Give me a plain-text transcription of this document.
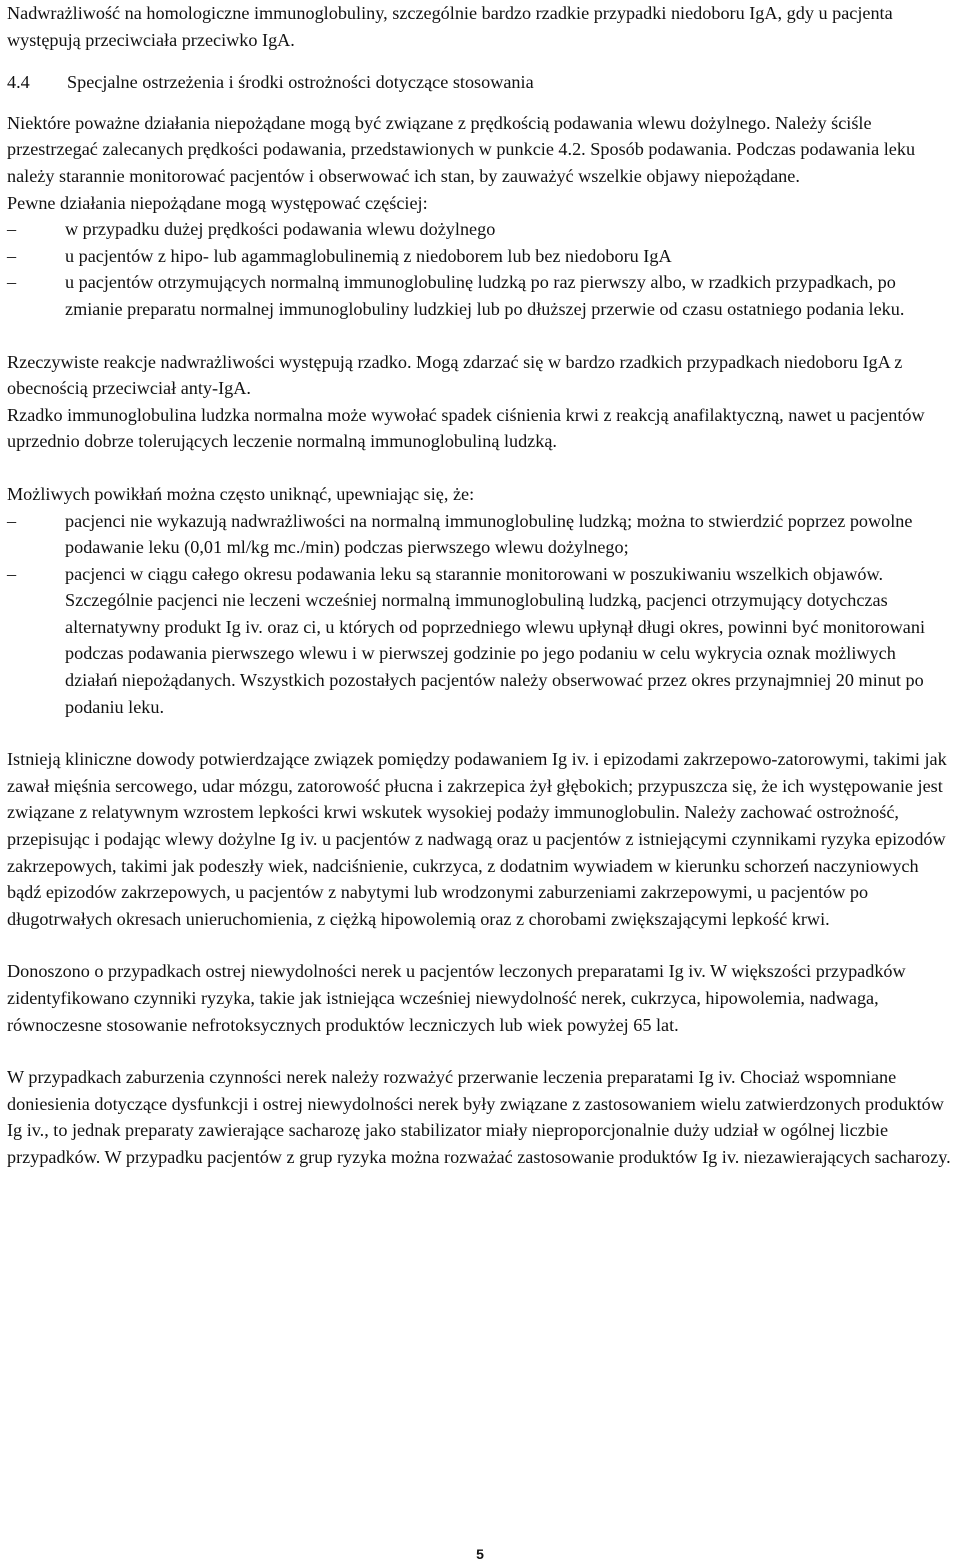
Nadwrażliwość na homologiczne immunoglobuliny, szczególnie bardzo rzadkie przypadki niedoboru IgA, gdy u pacjenta występują przeciwciała przeciwko IgA.

4.4 Specjalne ostrzeżenia i środki ostrożności dotyczące stosowania

Niektóre poważne działania niepożądane mogą być związane z prędkością podawania wlewu dożylnego. Należy ściśle przestrzegać zalecanych prędkości podawania, przedstawionych w punkcie 4.2. Sposób podawania. Podczas podawania leku należy starannie monitorować pacjentów i obserwować ich stan, by zauważyć wszelkie objawy niepożądane.

Pewne działania niepożądane mogą występować częściej:

–	w przypadku dużej prędkości podawania wlewu dożylnego
–	u pacjentów z hipo- lub agammaglobulinemią z niedoborem lub bez niedoboru IgA
–	u pacjentów otrzymujących normalną immunoglobulinę ludzką po raz pierwszy albo, w rzadkich przypadkach, po zmianie preparatu normalnej immunoglobuliny ludzkiej lub po dłuższej przerwie od czasu ostatniego podania leku.

Rzeczywiste reakcje nadwrażliwości występują rzadko. Mogą zdarzać się w bardzo rzadkich przypadkach niedoboru IgA z obecnością przeciwciał anty-IgA.

Rzadko immunoglobulina ludzka normalna może wywołać spadek ciśnienia krwi z reakcją anafilaktyczną, nawet u pacjentów uprzednio dobrze tolerujących leczenie normalną immunoglobuliną ludzką.

Możliwych powikłań można często uniknąć, upewniając się, że:

–	pacjenci nie wykazują nadwrażliwości na normalną immunoglobulinę ludzką; można to stwierdzić poprzez powolne podawanie leku (0,01 ml/kg mc./min) podczas pierwszego wlewu dożylnego;
–	pacjenci w ciągu całego okresu podawania leku są starannie monitorowani w poszukiwaniu wszelkich objawów. Szczególnie pacjenci nie leczeni wcześniej normalną immunoglobuliną ludzką, pacjenci otrzymujący dotychczas alternatywny produkt Ig iv. oraz ci, u których od poprzedniego wlewu upłynął długi okres, powinni być monitorowani podczas podawania pierwszego wlewu i w pierwszej godzinie po jego podaniu w celu wykrycia oznak możliwych działań niepożądanych. Wszystkich pozostałych pacjentów należy obserwować przez okres przynajmniej 20 minut po podaniu leku.

Istnieją kliniczne dowody potwierdzające związek pomiędzy podawaniem Ig iv. i epizodami zakrzepowo-zatorowymi, takimi jak zawał mięśnia sercowego, udar mózgu, zatorowość płucna i zakrzepica żył głębokich; przypuszcza się, że ich występowanie jest związane z relatywnym wzrostem lepkości krwi wskutek wysokiej podaży immunoglobulin. Należy zachować ostrożność, przepisując i podając wlewy dożylne Ig iv. u pacjentów z nadwagą oraz u pacjentów z istniejącymi czynnikami ryzyka epizodów zakrzepowych, takimi jak podeszły wiek, nadciśnienie, cukrzyca, z dodatnim wywiadem w kierunku schorzeń naczyniowych bądź epizodów zakrzepowych, u pacjentów z nabytymi lub wrodzonymi zaburzeniami zakrzepowymi, u pacjentów po długotrwałych okresach unieruchomienia, z ciężką hipowolemią oraz z chorobami zwiększającymi lepkość krwi.

Donoszono o przypadkach ostrej niewydolności nerek u pacjentów leczonych preparatami Ig iv. W większości przypadków zidentyfikowano czynniki ryzyka, takie jak istniejąca wcześniej niewydolność nerek, cukrzyca, hipowolemia, nadwaga, równoczesne stosowanie nefrotoksycznych produktów leczniczych lub wiek powyżej 65 lat.

W przypadkach zaburzenia czynności nerek należy rozważyć przerwanie leczenia preparatami Ig iv. Chociaż wspomniane doniesienia dotyczące dysfunkcji i ostrej niewydolności nerek były związane z zastosowaniem wielu zatwierdzonych produktów Ig iv., to jednak preparaty zawierające sacharozę jako stabilizator miały nieproporcjonalnie duży udział w ogólnej liczbie przypadków. W przypadku pacjentów z grup ryzyka można rozważać zastosowanie produktów Ig iv. niezawierających sacharozy.

5
